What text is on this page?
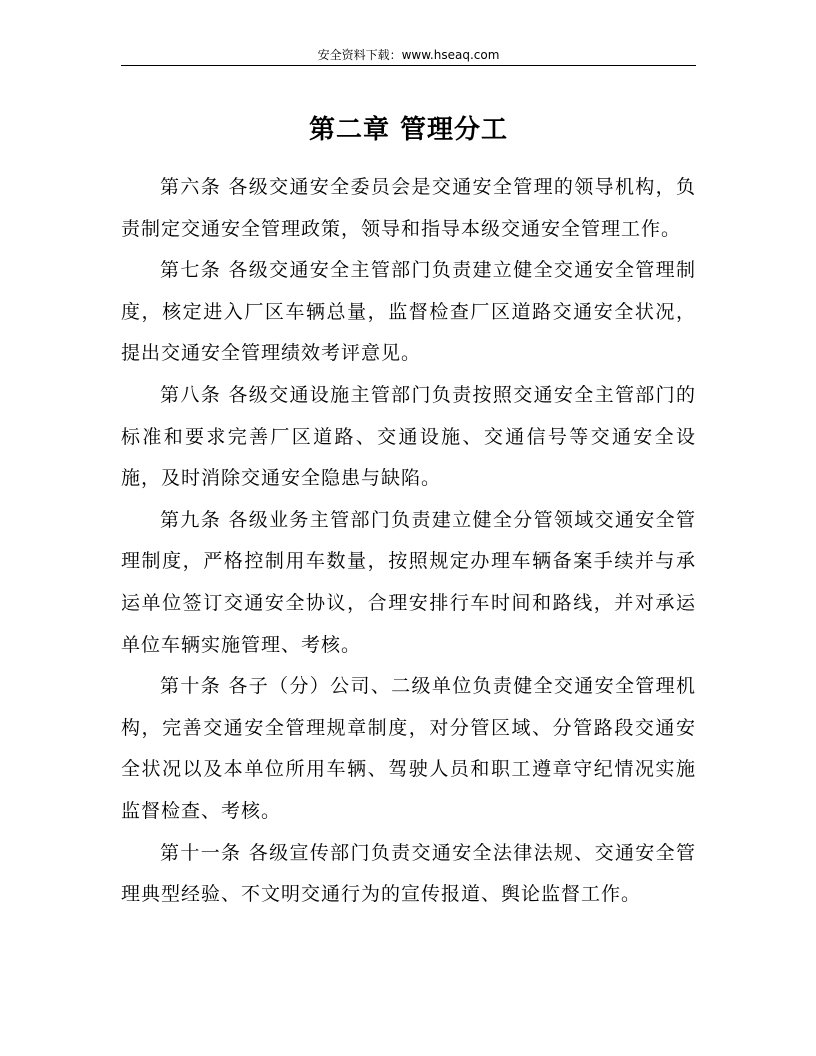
安全资料下载：www.hseaq.com
第二章 管理分工

第六条 各级交通安全委员会是交通安全管理的领导机构，负责制定交通安全管理政策，领导和指导本级交通安全管理工作。

第七条 各级交通安全主管部门负责建立健全交通安全管理制度，核定进入厂区车辆总量，监督检查厂区道路交通安全状况，提出交通安全管理绩效考评意见。

第八条 各级交通设施主管部门负责按照交通安全主管部门的标准和要求完善厂区道路、交通设施、交通信号等交通安全设施，及时消除交通安全隐患与缺陷。

第九条 各级业务主管部门负责建立健全分管领域交通安全管理制度，严格控制用车数量，按照规定办理车辆备案手续并与承运单位签订交通安全协议，合理安排行车时间和路线，并对承运单位车辆实施管理、考核。

第十条 各子（分）公司、二级单位负责健全交通安全管理机构，完善交通安全管理规章制度，对分管区域、分管路段交通安全状况以及本单位所用车辆、驾驶人员和职工遵章守纪情况实施监督检查、考核。

第十一条 各级宣传部门负责交通安全法律法规、交通安全管理典型经验、不文明交通行为的宣传报道、舆论监督工作。
